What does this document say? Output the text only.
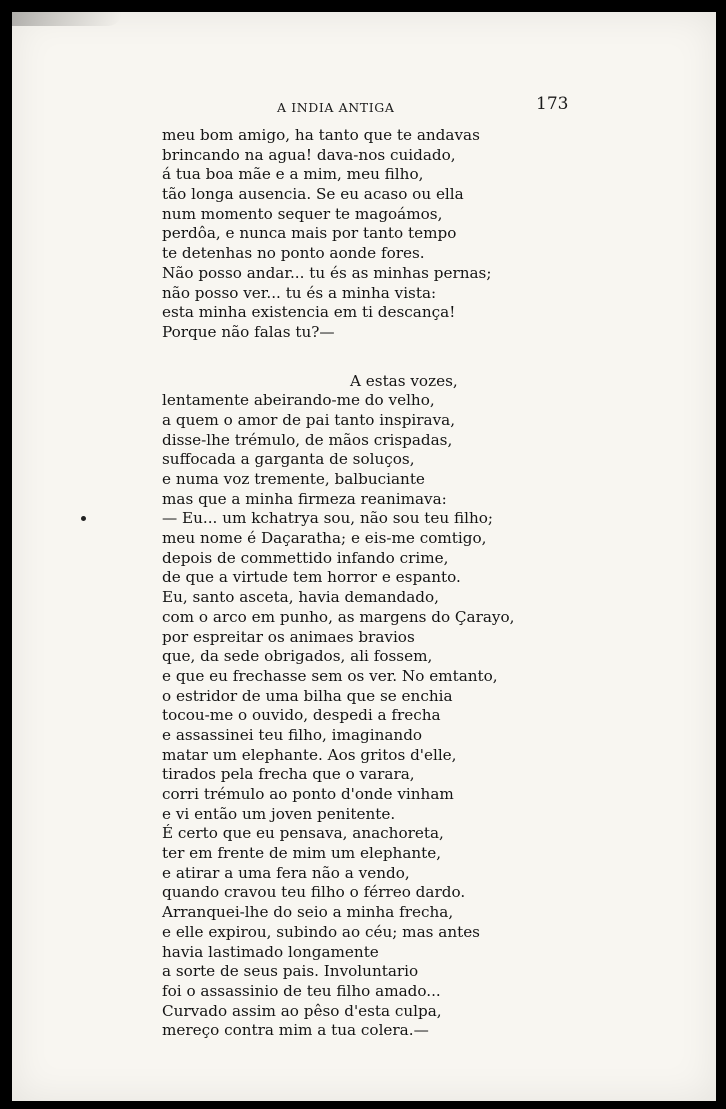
A INDIA ANTIGA	173
meu bom amigo, ha tanto que te andavas
brincando na agua! dava-nos cuidado,
á tua boa mãe e a mim, meu filho,
tão longa ausencia. Se eu acaso ou ella
num momento sequer te magoámos,
perdôa, e nunca mais por tanto tempo
te detenhas no ponto aonde fores.
Não posso andar... tu és as minhas pernas;
não posso ver... tu és a minha vista:
esta minha existencia em ti descança!
Porque não falas tu?—
A estas vozes,
lentamente abeirando-me do velho,
a quem o amor de pai tanto inspirava,
disse-lhe trémulo, de mãos crispadas,
suffocada a garganta de soluços,
e numa voz tremente, balbuciante
mas que a minha firmeza reanimava:
— Eu... um kchatrya sou, não sou teu filho;
meu nome é Daçaratha; e eis-me comtigo,
depois de commettido infando crime,
de que a virtude tem horror e espanto.
Eu, santo asceta, havia demandado,
com o arco em punho, as margens do Çarayo,
por espreitar os animaes bravios
que, da sede obrigados, ali fossem,
e que eu frechasse sem os ver. No emtanto,
o estridor de uma bilha que se enchia
tocou-me o ouvido, despedi a frecha
e assassinei teu filho, imaginando
matar um elephante. Aos gritos d'elle,
tirados pela frecha que o varara,
corri trémulo ao ponto d'onde vinham
e vi então um joven penitente.
É certo que eu pensava, anachoreta,
ter em frente de mim um elephante,
e atirar a uma fera não a vendo,
quando cravou teu filho o férreo dardo.
Arranquei-lhe do seio a minha frecha,
e elle expirou, subindo ao céu; mas antes
havia lastimado longamente
a sorte de seus pais. Involuntario
foi o assassinio de teu filho amado...
Curvado assim ao pêso d'esta culpa,
mereço contra mim a tua colera.—
